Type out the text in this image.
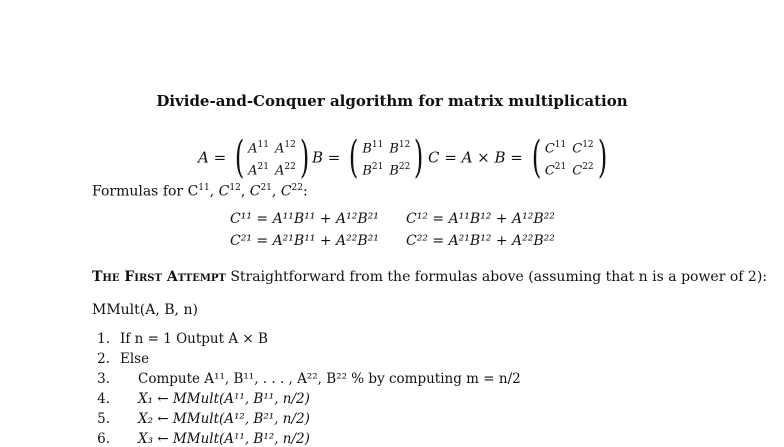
Divide-and-Conquer algorithm for matrix multiplication
A = ( $A^{11}$ $A^{12}$
$A^{21}$ $A^{22}$ ) B = ( $B^{11}$ $B^{12}$
$B^{21}$ $B^{22}$ ) C = A × B = ( $C^{11}$ $C^{12}$
$C^{21}$ $C^{22}$ )
Formulas for $C^{11}$, $C^{12}$, $C^{21}$, $C^{22}$:
C¹¹ = A¹¹B¹¹ + A¹²B²¹ C¹² = A¹¹B¹² + A¹²B²²
C²¹ = A²¹B¹¹ + A²²B²¹ C²² = A²¹B¹² + A²²B²²
The First Attempt Straightforward from the formulas above (assuming that n is a power of 2):
MMult(A, B, n)
1. If n = 1 Output A × B
2. Else
3. Compute A¹¹, B¹¹, . . . , A²², B²² % by computing m = n/2
4. X₁ ← MMult(A¹¹, B¹¹, n/2)
5. X₂ ← MMult(A¹², B²¹, n/2)
6. X₃ ← MMult(A¹¹, B¹², n/2)
